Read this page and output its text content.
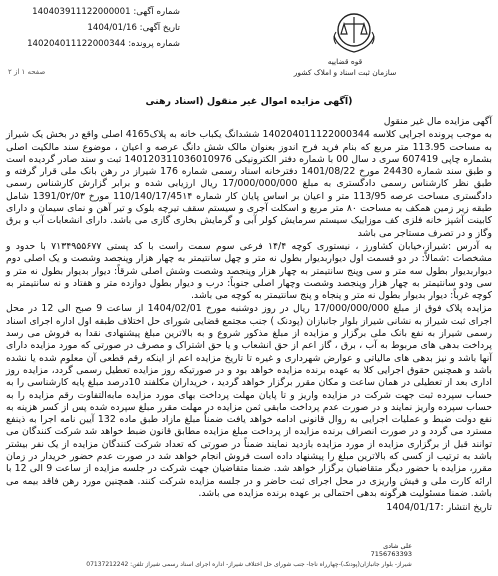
شماره آگهی: 140403911122000001
تاریخ آگهی: 1404/01/16
شماره پرونده: 140204011122000344
صفحه ۱ از ۲
قوه قضاییه
سازمان ثبت اسناد و املاک کشور
(آگهی مزایده اموال غیر منقول (اسناد رهنی

آگهی مزایده مال غیر منقول

به موجب پرونده اجرایی کلاسه 140204011122000344 ششدانگ یکباب خانه به پلاک4165 اصلی واقع در بخش یک شیراز به مساحت 113.95 متر مربع که بنام فرید فرح اندوز بعنوان مالک شش دانگ عرصه و اعیان ، موضوع سند مالکیت اصلی بشماره چاپی 607419 سری د سال 00 با شماره دفتر الکترونیکی 140120311036010976 ثبت و سند صادر گردیده است و طبق سند شماره 24430 مورخ 1401/08/22 دفترخانه اسناد رسمی شماره 176 شیراز در رهن بانک ملی قرار گرفته و طبق نظر کارشناس رسمی دادگستری به مبلغ 17/000/000/000 ریال ارزیابی شده و برابر گزارش کارشناس رسمی دادگستری مساحت عرصه 113/95 متر و اعیان بر اساس پایان کار شماره 110/140/17/45۱۴ مورخ 1391/0۲/0۳ شامل طبقه زیر زمین همکف به مساحت ۸۰ متر مربع و اسکلت آجری و سیستم سقف تیرچه بلوک و تیر آهن و نمای سیمان و دارای کابینت آشپز خانه فلزی کف موزاییک سیستم سرمایش کولر آبی و گرمایش بخاری گازی می باشد. دارای انشعابات آب و برق وگاز و در تصرف مستاجر می باشد

به آدرس :شیراز،خیابان کشاورز ، نیستوری کوچه ۱۴/۴ فرعی سوم سمت راست با کد پستی ۷۱۳۴۹۵۵۶۷۷ با حدود و مشخصات :شمالاً: در دو قسمت اول دیواربدیوار بطول نه متر و چهل سانتیمتر به چهار هزار وپنجصد وشصت و یک اصلی دوم دیواربدیوار بطول سه متر و سی وپنج سانتیمتر به چهار هزار وپنجصد وشصت وشش اصلی شرقاً: دیوار بدیوار بطول نه متر و سی ودو سانتیمتر به چهار هزار وپنجصد وشصت وچهار اصلی جنوباً: درب و دیوار بطول دوازده متر و هفتاد و نه سانتیمتر به کوچه غرباً: دیوار بدیوار بطول نه متر و پنجاه و پنج سانتیمتر به کوچه می باشد.

مزایده پلاک فوق از مبلغ 17/000/000/000 ریال در روز دوشنبه مورخ 1404/02/01 از ساعت 9 صبح الی 12 در محل اجرای ثبت شیراز به نشانی شیراز بلوار جانبازان (پودنک ) جنب مجتمع قضایی شورای حل اختلاف طبقه اول اداره اجرای اسناد رسمی شیراز به نفع بانک ملی برگزار و مزایده از مبلغ مذکور شروع و به بالاترین مبلغ پیشنهادی نقدا به فروش می رسد پرداخت بدهی های مربوط به آب ، برق ، گاز اعم از حق انشعاب و یا حق اشتراک و مصرف در صورتی که مورد مزایده دارای آنها باشد و نیز بدهی های مالیاتی و عوارض شهرداری و غیره تا تاریخ مزایده اعم از اینکه رقم قطعی آن معلوم شده یا نشده باشد و همچنین حقوق اجرایی کلا به عهده برنده مزایده خواهد بود و در صورتیکه روز مزایده تعطیل رسمی گردد، مزایده روز اداری بعد از تعطیلی در همان ساعت و مکان مقرر برگزار خواهد گردید ، خریداران مکلفند 10درصد مبلغ پایه کارشناسی را به حساب سپرده ثبت جهت شرکت در مزایده واریز و تا پایان مهلت پرداخت بهای مورد مزایده مابه‌التفاوت رقم مزایده را به حساب سپرده واریز نمایند و در صورت عدم پرداخت مابقی ثمن مزایده در مهلت مقرر مبلغ سپرده شده پس از کسر هزینه به نفع دولت ضبط و عملیات اجرایی به روال قانونی ادامه خواهد یافت ضمناً مبلغ مازاد طبق ماده 132 آیین نامه اجرا به ذینفع مسترد می گردد و در صورت انصراف برنده مزایده از پرداخت مبلغ مزایده مطابق قانون ضبط خواهد شد شرکت کنندگان می توانند قبل از برگزاری مزایده از مورد مزایده بازدید نمایند ضمناً در صورتی که تعداد شرکت کنندگان مزایده از یک نفر بیشتر باشد به ترتیب از کسی که بالاترین مبلغ را پیشنهاد داده است فروش انجام خواهد شد در صورت عدم حضور خریدار در زمان مقرر، مزایده با حضور دیگر متقاضیان برگزار خواهد شد. ضمنا متقاضیان جهت شرکت در جلسه مزایده از ساعت 9 الی 12 با ارائه کارت ملی و فیش واریزی در محل اجرای ثبت حاضر و در جلسه مزایده شرکت کنند. همچنین مورد رهن فاقد بیمه می باشد. ضمنا مسئولیت هرگونه بدهی احتمالی بر عهده برنده مزایده می باشد.

تاریخ انتشار :1404/01/17

علی شادی
7156763393
شیراز- بلوار جانبازان(پودنک)-چهارراه ناجا- جنب شورای حل اختلاف شیراز- اداره اجرای اسناد رسمی شیراز تلفن: 07137212242
